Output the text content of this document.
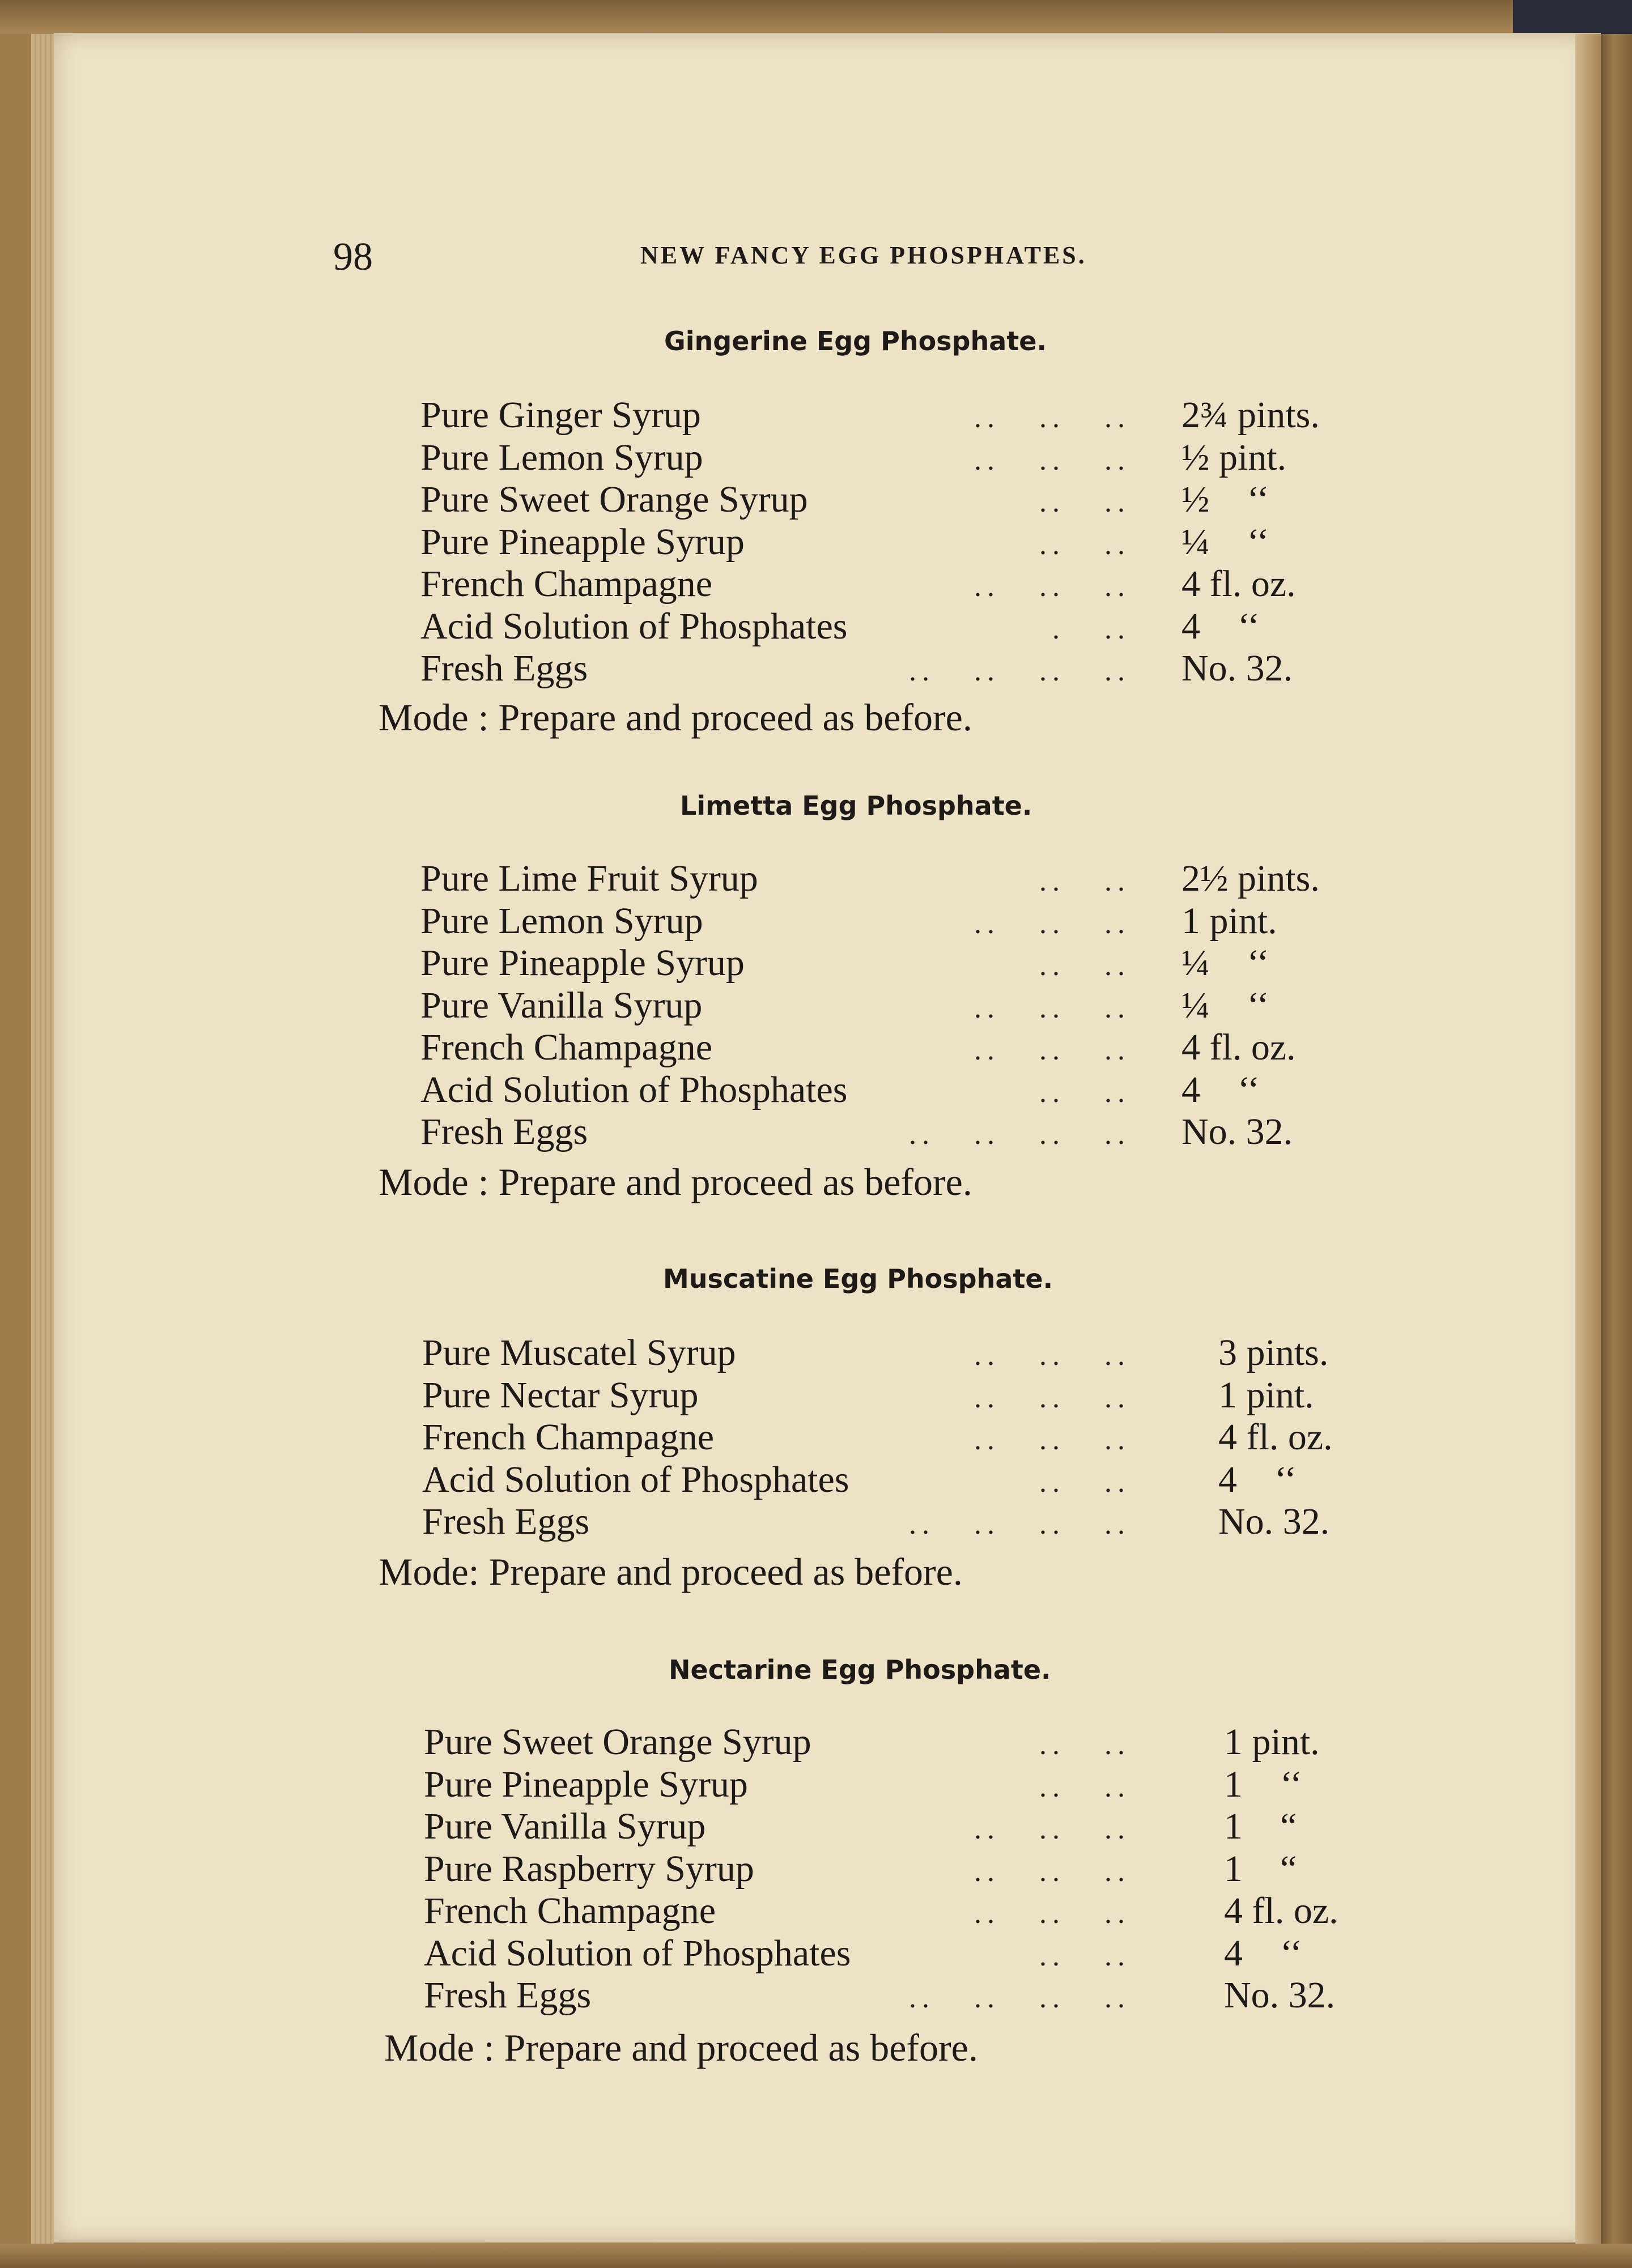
98	NEW FANCY EGG PHOSPHATES.
Gingerine Egg Phosphate.
Pure Ginger Syrup	..   ..   .. 2¾ pints.
Pure Lemon Syrup	..   ..   .. ½ pint.
Pure Sweet Orange Syrup	..   .. ½    ‘‘
Pure Pineapple Syrup	..   .. ¼    ‘‘
French Champagne	..   ..   .. 4 fl. oz.
Acid Solution of Phosphates	.   .. 4    ‘‘
Fresh Eggs	..   ..   ..   .. No. 32.
Mode : Prepare and proceed as before.
Limetta Egg Phosphate.
Pure Lime Fruit Syrup	..   .. 2½ pints.
Pure Lemon Syrup	..   ..   .. 1 pint.
Pure Pineapple Syrup	..   .. ¼    ‘‘
Pure Vanilla Syrup	..   ..   .. ¼    ‘‘
French Champagne	..   ..   .. 4 fl. oz.
Acid Solution of Phosphates	..   .. 4    ‘‘
Fresh Eggs	..   ..   ..   .. No. 32.
Mode : Prepare and proceed as before.
Muscatine Egg Phosphate.
Pure Muscatel Syrup	..   ..   .. 3 pints.
Pure Nectar Syrup	..   ..   .. 1 pint.
French Champagne	..   ..   .. 4 fl. oz.
Acid Solution of Phosphates	..   .. 4    ‘‘
Fresh Eggs	..   ..   ..   .. No. 32.
Mode: Prepare and proceed as before.
Nectarine Egg Phosphate.
Pure Sweet Orange Syrup	..   ..	1 pint.
Pure Pineapple Syrup	..   ..	1    ‘‘
Pure Vanilla Syrup	..   ..   ..	1    “
Pure Raspberry Syrup	..   ..   ..	1    “
French Champagne	..   ..   ..	4 fl. oz.
Acid Solution of Phosphates	..   ..	4    ‘‘
Fresh Eggs	..   ..   ..   ..	No. 32.
Mode : Prepare and proceed as before.
